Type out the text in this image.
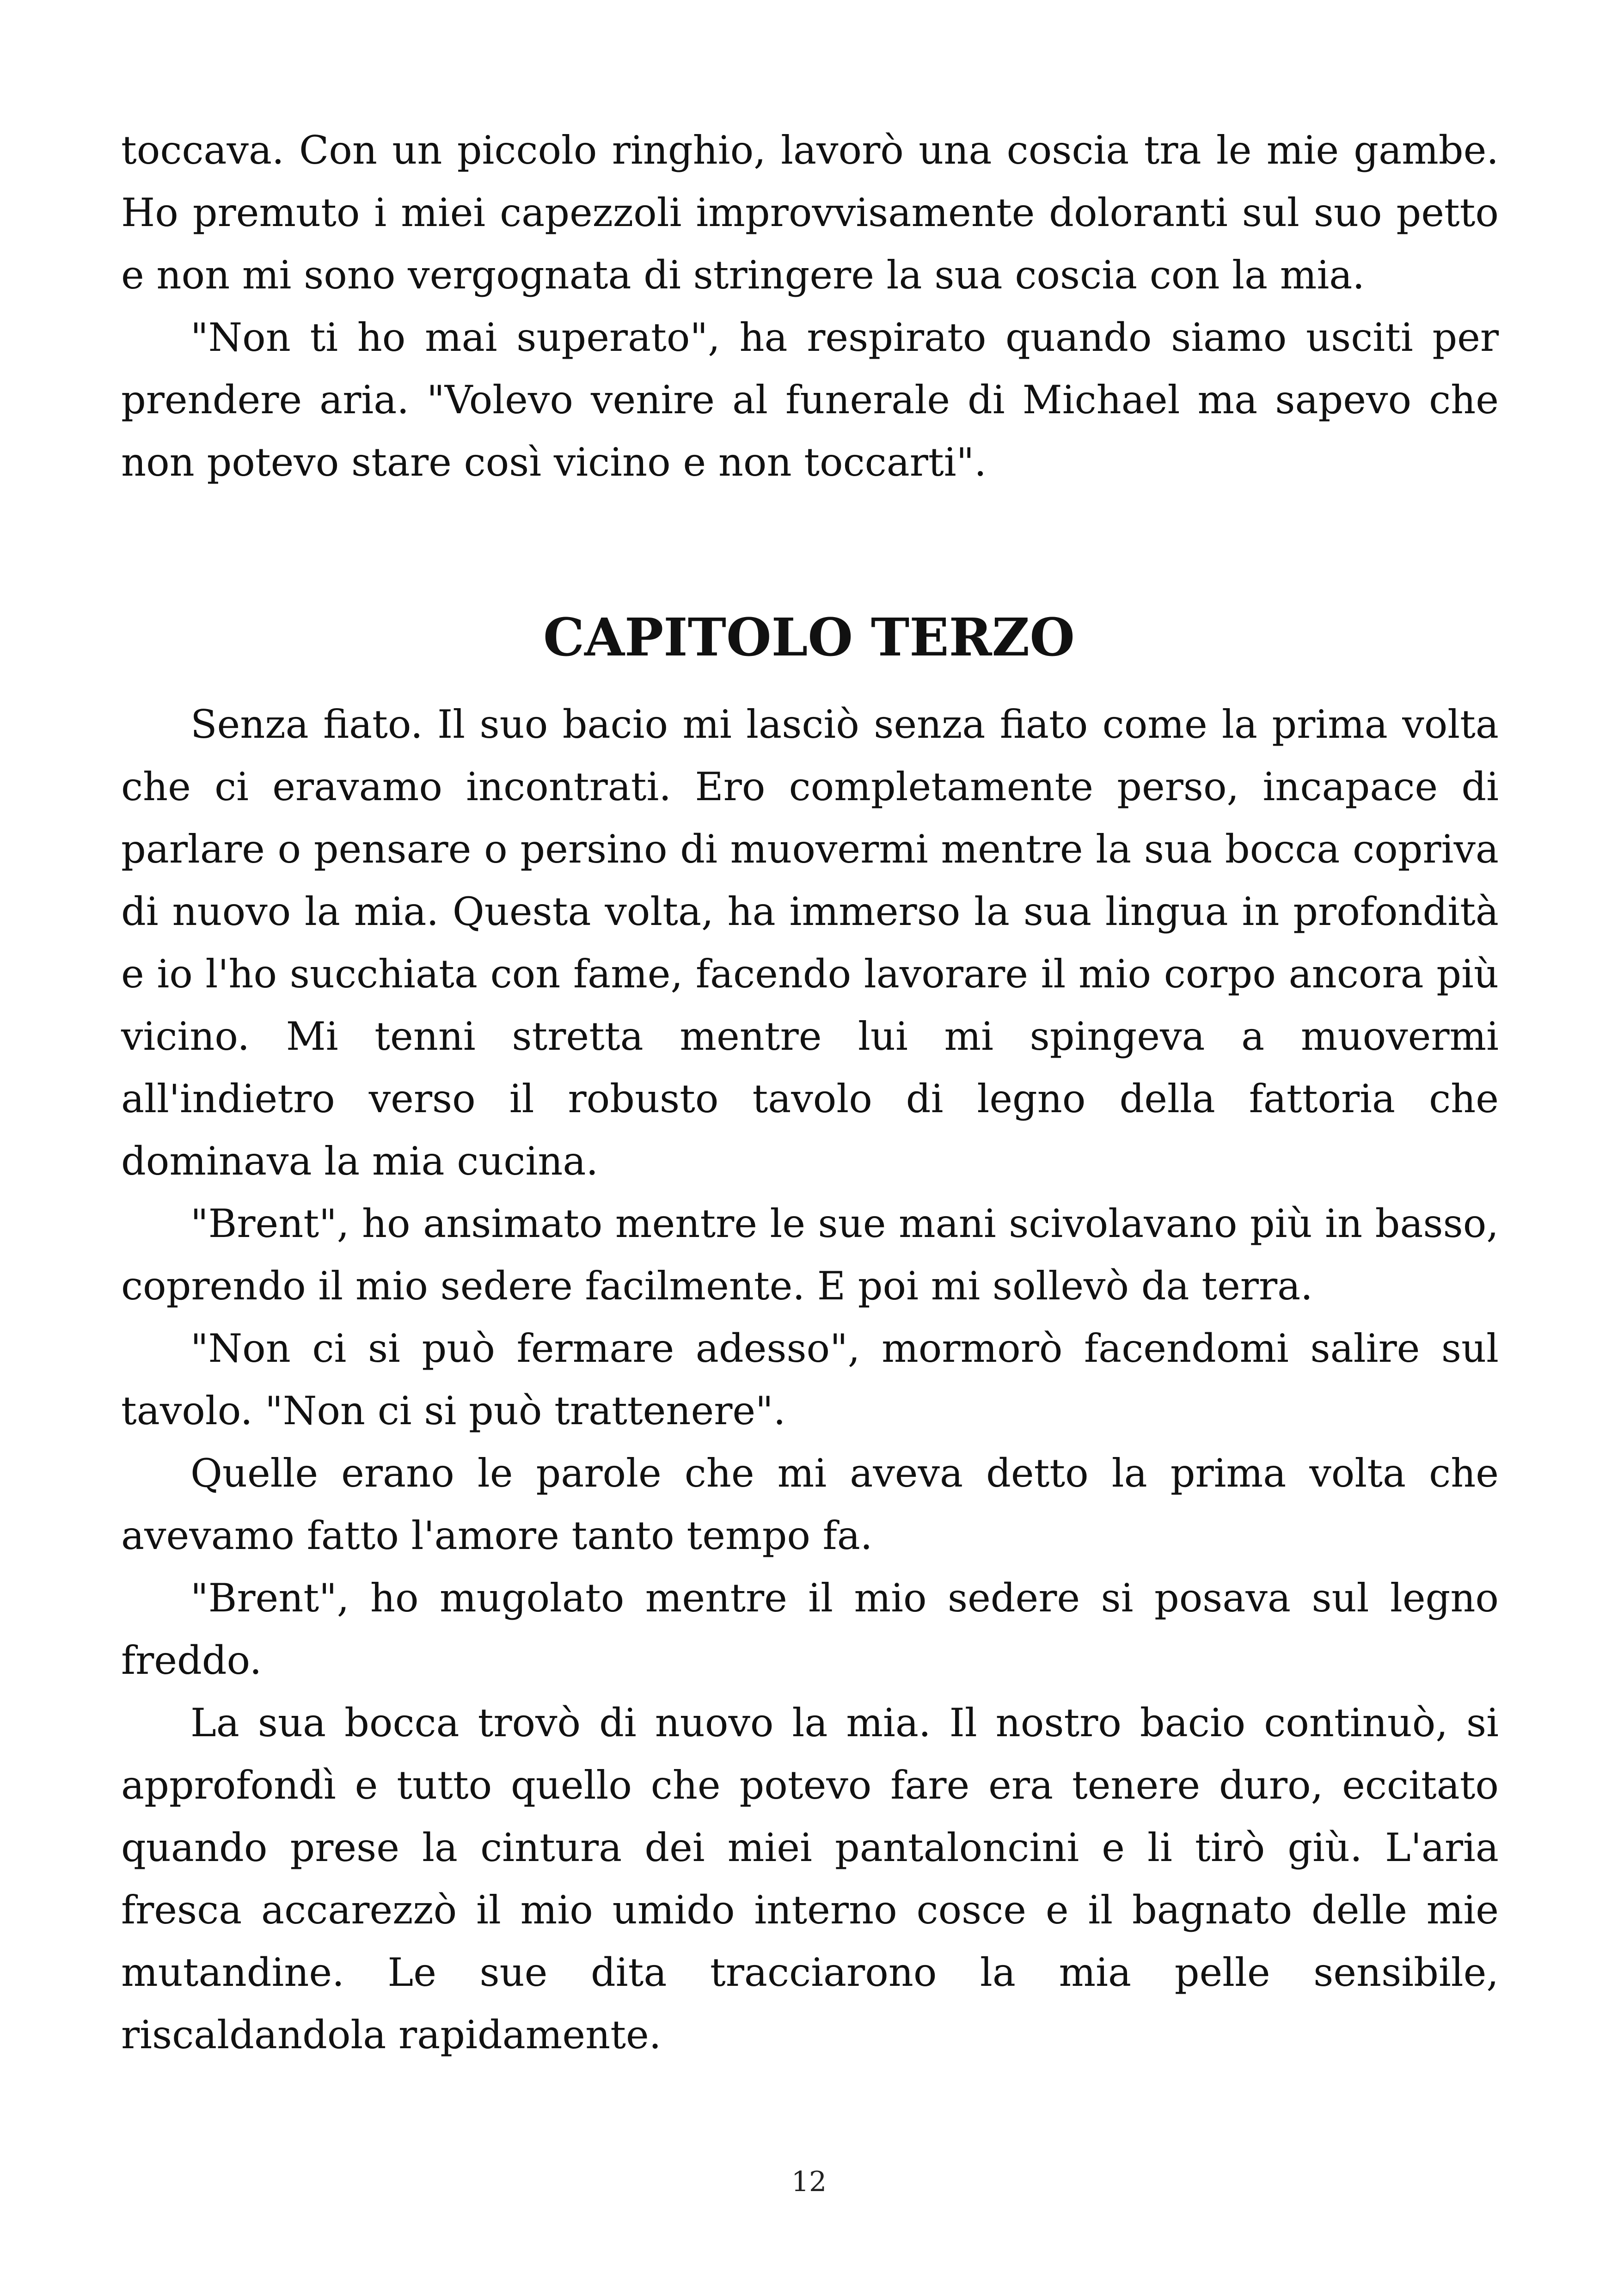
toccava. Con un piccolo ringhio, lavorò una coscia tra le mie gambe. Ho premuto i miei capezzoli improvvisamente doloranti sul suo petto e non mi sono vergognata di stringere la sua coscia con la mia.

"Non ti ho mai superato", ha respirato quando siamo usciti per prendere aria. "Volevo venire al funerale di Michael ma sapevo che non potevo stare così vicino e non toccarti".

CAPITOLO TERZO

Senza fiato. Il suo bacio mi lasciò senza fiato come la prima volta che ci eravamo incontrati. Ero completamente perso, incapace di parlare o pensare o persino di muovermi mentre la sua bocca copriva di nuovo la mia. Questa volta, ha immerso la sua lingua in profondità e io l'ho succhiata con fame, facendo lavorare il mio corpo ancora più vicino. Mi tenni stretta mentre lui mi spingeva a muovermi all'indietro verso il robusto tavolo di legno della fattoria che dominava la mia cucina.

"Brent", ho ansimato mentre le sue mani scivolavano più in basso, coprendo il mio sedere facilmente. E poi mi sollevò da terra.

"Non ci si può fermare adesso", mormorò facendomi salire sul tavolo. "Non ci si può trattenere".

Quelle erano le parole che mi aveva detto la prima volta che avevamo fatto l'amore tanto tempo fa.

"Brent", ho mugolato mentre il mio sedere si posava sul legno freddo.

La sua bocca trovò di nuovo la mia. Il nostro bacio continuò, si approfondì e tutto quello che potevo fare era tenere duro, eccitato quando prese la cintura dei miei pantaloncini e li tirò giù. L'aria fresca accarezzò il mio umido interno cosce e il bagnato delle mie mutandine. Le sue dita tracciarono la mia pelle sensibile, riscaldandola rapidamente.

12
